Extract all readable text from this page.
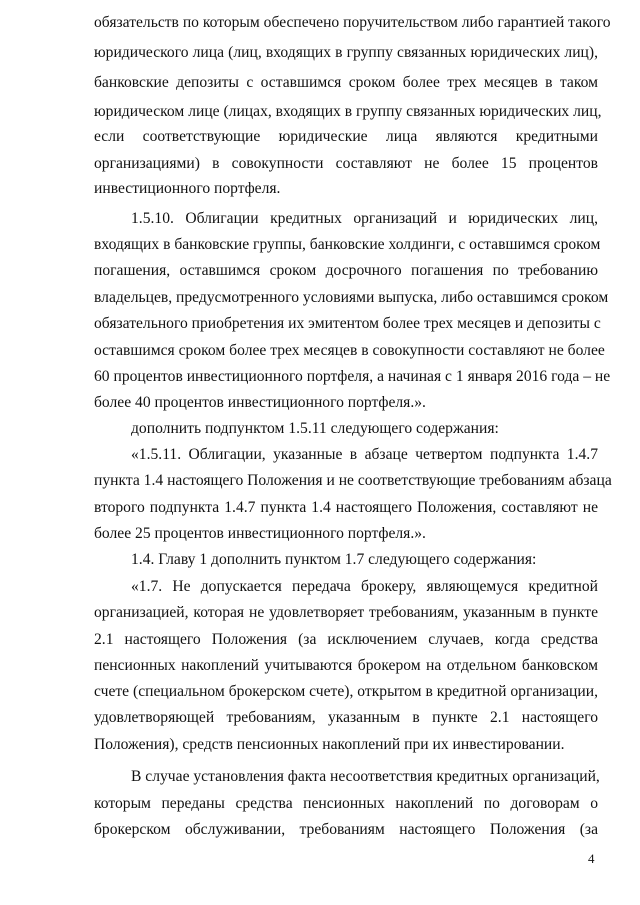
обязательств по которым обеспечено поручительством либо гарантией такого
юридического лица (лиц, входящих в группу связанных юридических лиц),
банковские депозиты с оставшимся сроком более трех месяцев в таком
юридическом лице (лицах, входящих в группу связанных юридических лиц,
если соответствующие юридические лица являются кредитными
организациями) в совокупности составляют не более 15 процентов
инвестиционного портфеля.
1.5.10. Облигации кредитных организаций и юридических лиц,
входящих в банковские группы, банковские холдинги, с оставшимся сроком
погашения, оставшимся сроком досрочного погашения по требованию
владельцев, предусмотренного условиями выпуска, либо оставшимся сроком
обязательного приобретения их эмитентом более трех месяцев и депозиты с
оставшимся сроком более трех месяцев в совокупности составляют не более
60 процентов инвестиционного портфеля, а начиная с 1 января 2016 года – не
более 40 процентов инвестиционного портфеля.».
дополнить подпунктом 1.5.11 следующего содержания:
«1.5.11. Облигации, указанные в абзаце четвертом подпункта 1.4.7
пункта 1.4 настоящего Положения и не соответствующие требованиям абзаца
второго подпункта 1.4.7 пункта 1.4 настоящего Положения, составляют не
более 25 процентов инвестиционного портфеля.».
1.4. Главу 1 дополнить пунктом 1.7 следующего содержания:
«1.7. Не допускается передача брокеру, являющемуся кредитной
организацией, которая не удовлетворяет требованиям, указанным в пункте
2.1 настоящего Положения (за исключением случаев, когда средства
пенсионных накоплений учитываются брокером на отдельном банковском
счете (специальном брокерском счете), открытом в кредитной организации,
удовлетворяющей требованиям, указанным в пункте 2.1 настоящего
Положения), средств пенсионных накоплений при их инвестировании.
В случае установления факта несоответствия кредитных организаций,
которым переданы средства пенсионных накоплений по договорам о
брокерском обслуживании, требованиям настоящего Положения (за
4
